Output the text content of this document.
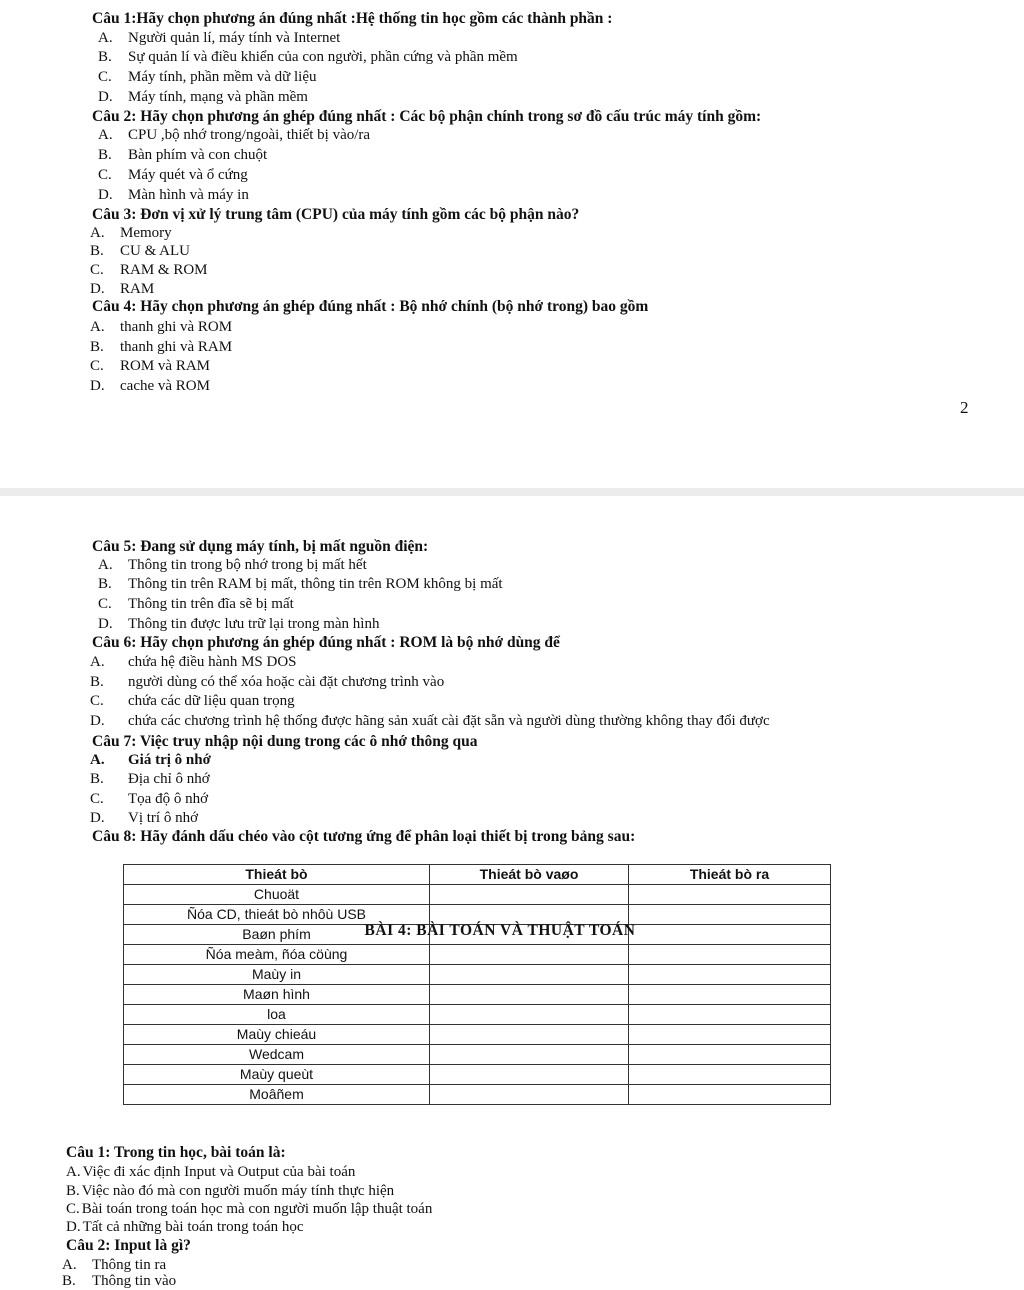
Câu 1:Hãy chọn phương án đúng nhất :Hệ thống tin học gồm các thành phần :
A. Người quản lí, máy tính và Internet
B. Sự quản lí và điều khiển của con người, phần cứng và phần mềm
C. Máy tính, phần mềm và dữ liệu
D. Máy tính, mạng và phần mềm
Câu 2: Hãy chọn phương án ghép đúng nhất : Các bộ phận chính trong sơ đồ cấu trúc máy tính gồm:
A. CPU ,bộ nhớ trong/ngoài, thiết bị vào/ra
B. Bàn phím và con chuột
C. Máy quét và ổ cứng
D. Màn hình và máy in
Câu 3: Đơn vị xử lý trung tâm (CPU) của máy tính gồm các bộ phận nào?
A. Memory
B. CU & ALU
C. RAM & ROM
D. RAM
Câu 4: Hãy chọn phương án ghép đúng nhất : Bộ nhớ chính (bộ nhớ trong) bao gồm
A. thanh ghi và ROM
B. thanh ghi và RAM
C. ROM và RAM
D. cache và ROM
2
Câu 5: Đang sử dụng máy tính, bị mất nguồn điện:
A. Thông tin trong bộ nhớ trong bị mất hết
B. Thông tin trên RAM bị mất, thông tin trên ROM không bị mất
C. Thông tin trên đĩa sẽ bị mất
D. Thông tin được lưu trữ lại trong màn hình
Câu 6: Hãy chọn phương án ghép đúng nhất : ROM là bộ nhớ dùng để
A. chứa hệ điều hành MS DOS
B. người dùng có thể xóa hoặc cài đặt chương trình vào
C. chứa các dữ liệu quan trọng
D. chứa các chương trình hệ thống được hãng sản xuất cài đặt sẵn và người dùng thường không thay đổi được
Câu 7: Việc truy nhập nội dung trong các ô nhớ thông qua
A. Giá trị ô nhớ
B. Địa chỉ ô nhớ
C. Tọa độ ô nhớ
D. Vị trí ô nhớ
Câu 8: Hãy đánh dấu chéo vào cột tương ứng để phân loại thiết bị trong bảng sau:
Thieát bò	Thieát bò vaøo	Thieát bò ra
Chuoät		
Ñóa CD, thieát bò nhôù USB		
Baøn phím		
Ñóa meàm, ñóa cöùng		
Maùy in		
Maøn hình		
loa		
Maùy chieáu		
Wedcam		
Maùy queùt		
Moâñem		
BÀI 4: BÀI TOÁN VÀ THUẬT TOÁN
Câu 1: Trong tin học, bài toán là:
A. Việc đi xác định Input và Output của bài toán
B. Việc nào đó mà con người muốn máy tính thực hiện
C. Bài toán trong toán học mà con người muốn lập thuật toán
D. Tất cả những bài toán trong toán học
Câu 2: Input là gì?
A. Thông tin ra
B. Thông tin vào
